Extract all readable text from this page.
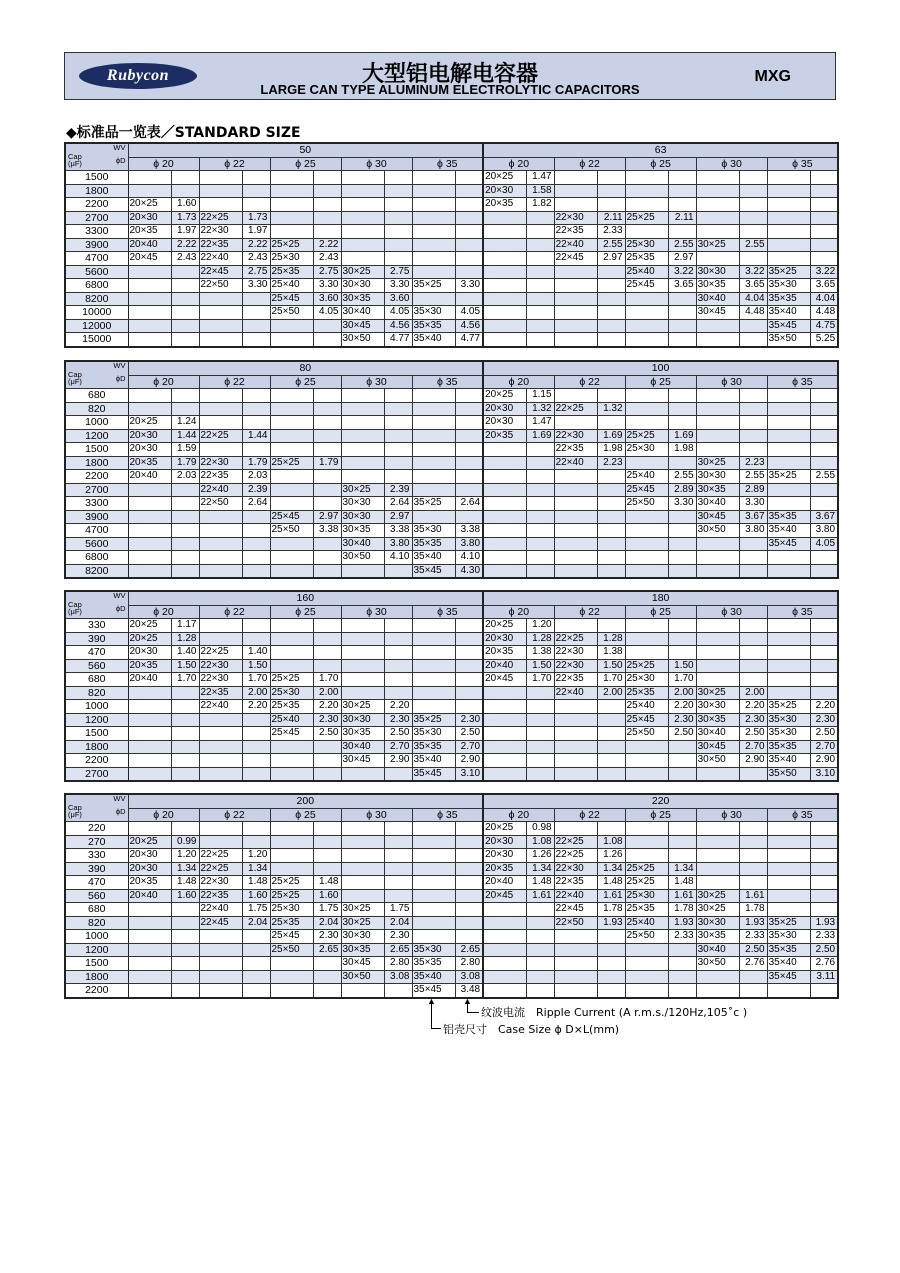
Rubycon	大型铝电解电容器
LARGE CAN TYPE ALUMINUM ELECTROLYTIC CAPACITORS
MXG
◆标准品一览表／STANDARD SIZE
WV
Cap
(μF) ϕD	50										63									
	ϕ 20		ϕ 22		ϕ 25		ϕ 30		ϕ 35		ϕ 20		ϕ 22		ϕ 25		ϕ 30		ϕ 35	
1500											20×25	1.47								
1800											20×30	1.58								
2200	20×25	1.60									20×35	1.82								
2700	20×30	1.73	22×25	1.73									22×30	2.11	25×25	2.11				
3300	20×35	1.97	22×30	1.97									22×35	2.33						
3900	20×40	2.22	22×35	2.22	25×25	2.22							22×40	2.55	25×30	2.55	30×25	2.55		
4700	20×45	2.43	22×40	2.43	25×30	2.43							22×45	2.97	25×35	2.97				
5600			22×45	2.75	25×35	2.75	30×25	2.75							25×40	3.22	30×30	3.22	35×25	3.22
6800			22×50	3.30	25×40	3.30	30×30	3.30	35×25	3.30					25×45	3.65	30×35	3.65	35×30	3.65
8200					25×45	3.60	30×35	3.60									30×40	4.04	35×35	4.04
10000					25×50	4.05	30×40	4.05	35×30	4.05							30×45	4.48	35×40	4.48
12000							30×45	4.56	35×35	4.56									35×45	4.75
15000							30×50	4.77	35×40	4.77									35×50	5.25
WV
Cap
(μF) ϕD	80										100									
	ϕ 20		ϕ 22		ϕ 25		ϕ 30		ϕ 35		ϕ 20		ϕ 22		ϕ 25		ϕ 30		ϕ 35	
680											20×25	1.15								
820											20×30	1.32	22×25	1.32						
1000	20×25	1.24									20×30	1.47								
1200	20×30	1.44	22×25	1.44							20×35	1.69	22×30	1.69	25×25	1.69				
1500	20×30	1.59											22×35	1.98	25×30	1.98				
1800	20×35	1.79	22×30	1.79	25×25	1.79							22×40	2.23			30×25	2.23		
2200	20×40	2.03	22×35	2.03											25×40	2.55	30×30	2.55	35×25	2.55
2700			22×40	2.39			30×25	2.39							25×45	2.89	30×35	2.89		
3300			22×50	2.64			30×30	2.64	35×25	2.64					25×50	3.30	30×40	3.30		
3900					25×45	2.97	30×30	2.97									30×45	3.67	35×35	3.67
4700					25×50	3.38	30×35	3.38	35×30	3.38							30×50	3.80	35×40	3.80
5600							30×40	3.80	35×35	3.80									35×45	4.05
6800							30×50	4.10	35×40	4.10										
8200									35×45	4.30										
WV
Cap
(μF) ϕD	160										180									
	ϕ 20		ϕ 22		ϕ 25		ϕ 30		ϕ 35		ϕ 20		ϕ 22		ϕ 25		ϕ 30		ϕ 35	
330	20×25	1.17									20×25	1.20								
390	20×25	1.28									20×30	1.28	22×25	1.28						
470	20×30	1.40	22×25	1.40							20×35	1.38	22×30	1.38						
560	20×35	1.50	22×30	1.50							20×40	1.50	22×30	1.50	25×25	1.50				
680	20×40	1.70	22×30	1.70	25×25	1.70					20×45	1.70	22×35	1.70	25×30	1.70				
820			22×35	2.00	25×30	2.00							22×40	2.00	25×35	2.00	30×25	2.00		
1000			22×40	2.20	25×35	2.20	30×25	2.20							25×40	2.20	30×30	2.20	35×25	2.20
1200					25×40	2.30	30×30	2.30	35×25	2.30					25×45	2.30	30×35	2.30	35×30	2.30
1500					25×45	2.50	30×35	2.50	35×30	2.50					25×50	2.50	30×40	2.50	35×30	2.50
1800							30×40	2.70	35×35	2.70							30×45	2.70	35×35	2.70
2200							30×45	2.90	35×40	2.90							30×50	2.90	35×40	2.90
2700									35×45	3.10									35×50	3.10
WV
Cap
(μF) ϕD	200										220									
	ϕ 20		ϕ 22		ϕ 25		ϕ 30		ϕ 35		ϕ 20		ϕ 22		ϕ 25		ϕ 30		ϕ 35	
220											20×25	0.98								
270	20×25	0.99									20×30	1.08	22×25	1.08						
330	20×30	1.20	22×25	1.20							20×30	1.26	22×25	1.26						
390	20×30	1.34	22×25	1.34							20×35	1.34	22×30	1.34	25×25	1.34				
470	20×35	1.48	22×30	1.48	25×25	1.48					20×40	1.48	22×35	1.48	25×25	1.48				
560	20×40	1.60	22×35	1.60	25×25	1.60					20×45	1.61	22×40	1.61	25×30	1.61	30×25	1.61		
680			22×40	1.75	25×30	1.75	30×25	1.75					22×45	1.78	25×35	1.78	30×25	1.78		
820			22×45	2.04	25×35	2.04	30×25	2.04					22×50	1.93	25×40	1.93	30×30	1.93	35×25	1.93
1000					25×45	2.30	30×30	2.30							25×50	2.33	30×35	2.33	35×30	2.33
1200					25×50	2.65	30×35	2.65	35×30	2.65							30×40	2.50	35×35	2.50
1500							30×45	2.80	35×35	2.80							30×50	2.76	35×40	2.76
1800							30×50	3.08	35×40	3.08									35×45	3.11
2200									35×45	3.48										
▲	▲
纹波电流　Ripple Current (A r.m.s./120Hz,105˚c )
铝壳尺寸　Case Size ϕ D×L(mm)
